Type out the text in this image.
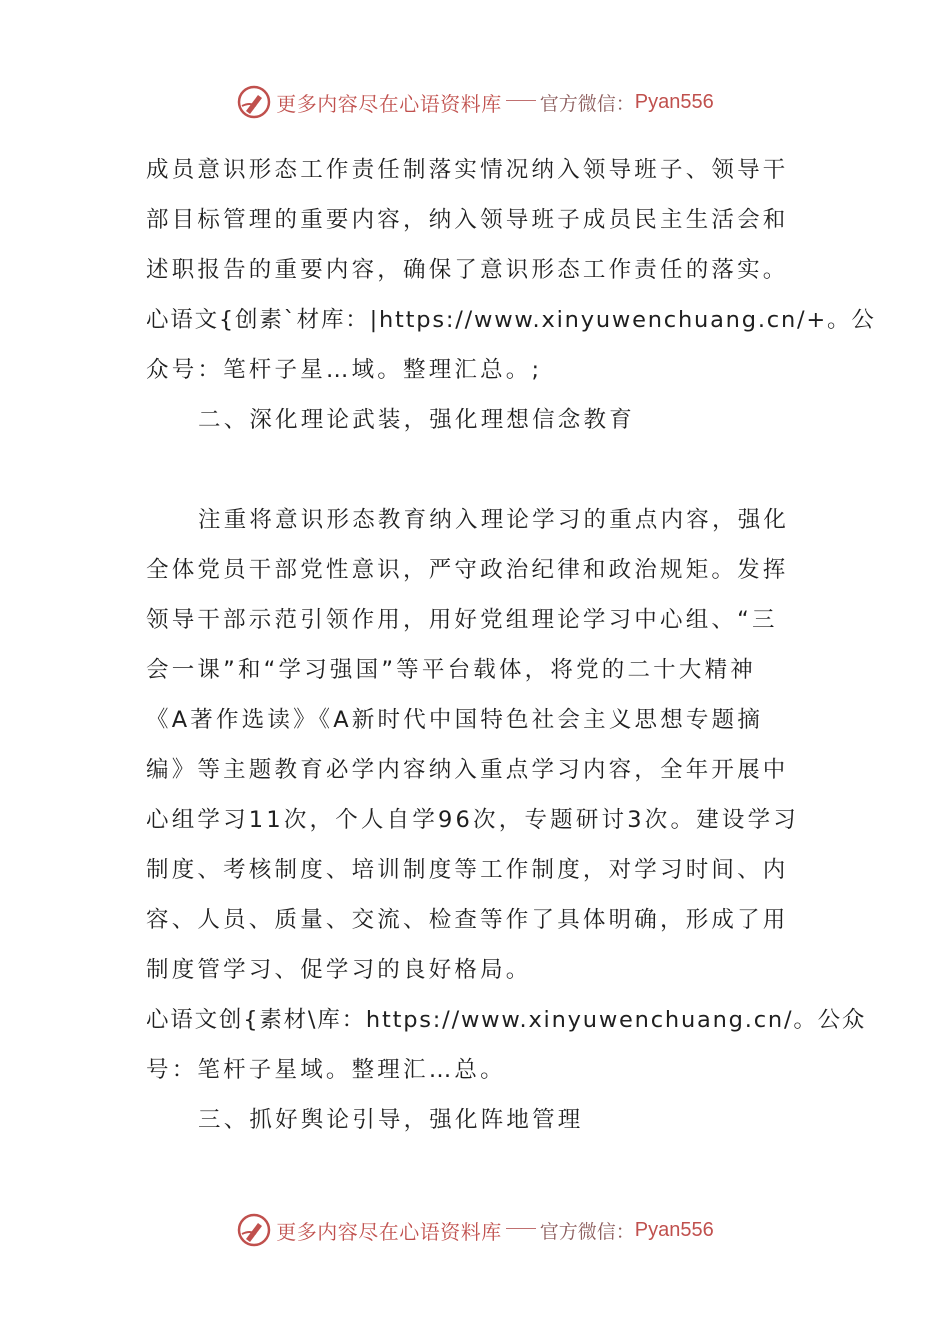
更多内容尽在心语资料库 官方微信： Pyan556
成员意识形态工作责任制落实情况纳入领导班子、领导干
部目标管理的重要内容，纳入领导班子成员民主生活会和
述职报告的重要内容，确保了意识形态工作责任的落实。
心语文{创素`材库：|https://www.xinyuwenchuang.cn/+。公
众号：笔杆子星…域。整理汇总。;
二、深化理论武装，强化理想信念教育
注重将意识形态教育纳入理论学习的重点内容，强化
全体党员干部党性意识，严守政治纪律和政治规矩。发挥
领导干部示范引领作用，用好党组理论学习中心组、“三
会一课”和“学习强国”等平台载体，将党的二十大精神
《A著作选读》《A新时代中国特色社会主义思想专题摘
编》等主题教育必学内容纳入重点学习内容，全年开展中
心组学习11次，个人自学96次，专题研讨3次。建设学习
制度、考核制度、培训制度等工作制度，对学习时间、内
容、人员、质量、交流、检查等作了具体明确，形成了用
制度管学习、促学习的良好格局。
心语文创{素材\库：https://www.xinyuwenchuang.cn/。公众
号：笔杆子星域。整理汇…总。
三、抓好舆论引导，强化阵地管理
更多内容尽在心语资料库 官方微信： Pyan556
